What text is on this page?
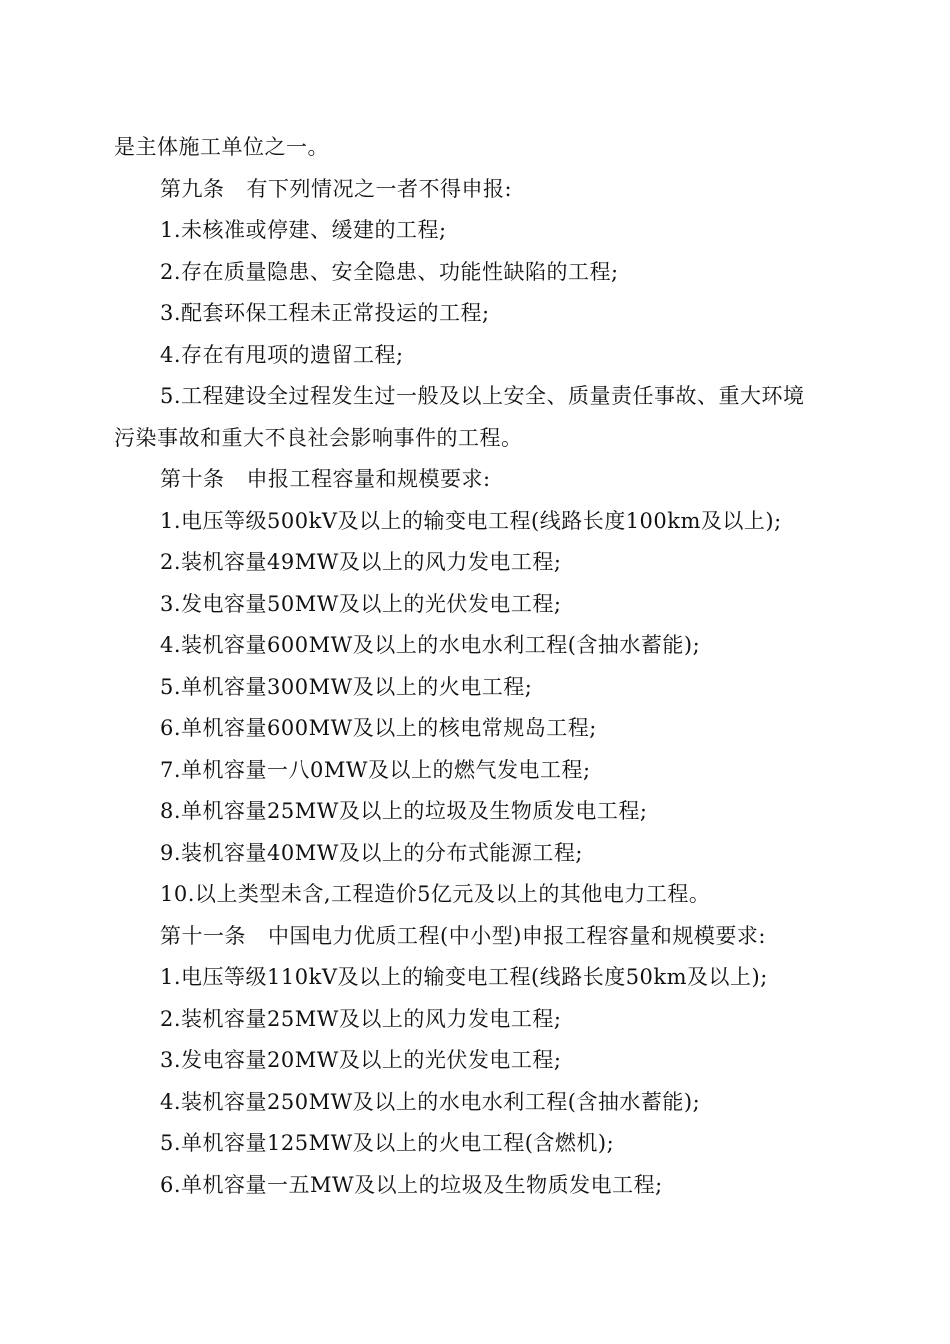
是主体施工单位之一。
第九条 有下列情况之一者不得申报:
1.未核准或停建、缓建的工程;
2.存在质量隐患、安全隐患、功能性缺陷的工程;
3.配套环保工程未正常投运的工程;
4.存在有甩项的遗留工程;
5.工程建设全过程发生过一般及以上安全、质量责任事故、重大环境
污染事故和重大不良社会影响事件的工程。
第十条 申报工程容量和规模要求:
1.电压等级500kV及以上的输变电工程(线路长度100km及以上);
2.装机容量49MW及以上的风力发电工程;
3.发电容量50MW及以上的光伏发电工程;
4.装机容量600MW及以上的水电水利工程(含抽水蓄能);
5.单机容量300MW及以上的火电工程;
6.单机容量600MW及以上的核电常规岛工程;
7.单机容量一八0MW及以上的燃气发电工程;
8.单机容量25MW及以上的垃圾及生物质发电工程;
9.装机容量40MW及以上的分布式能源工程;
10.以上类型未含,工程造价5亿元及以上的其他电力工程。
第十一条 中国电力优质工程(中小型)申报工程容量和规模要求:
1.电压等级110kV及以上的输变电工程(线路长度50km及以上);
2.装机容量25MW及以上的风力发电工程;
3.发电容量20MW及以上的光伏发电工程;
4.装机容量250MW及以上的水电水利工程(含抽水蓄能);
5.单机容量125MW及以上的火电工程(含燃机);
6.单机容量一五MW及以上的垃圾及生物质发电工程;
